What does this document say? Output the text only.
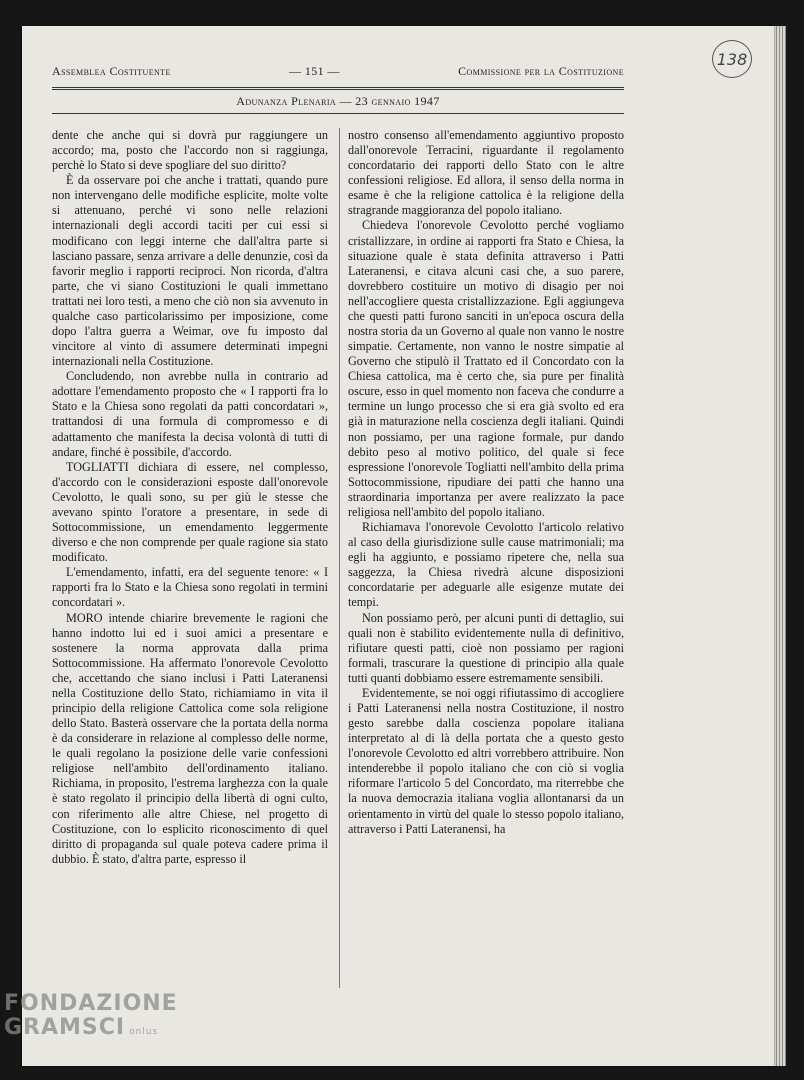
138
Assemblea Costituente	— 151 —	Commissione per la Costituzione
Adunanza Plenaria — 23 gennaio 1947

dente che anche qui si dovrà pur raggiungere un accordo; ma, posto che l'accordo non si raggiunga, perchè lo Stato si deve spogliare del suo diritto?

È da osservare poi che anche i trattati, quando pure non intervengano delle modifiche esplicite, molte volte si attenuano, perché vi sono nelle relazioni internazionali degli accordi taciti per cui essi si modificano con leggi interne che dall'altra parte si lasciano passare, senza arrivare a delle denunzie, così da favorir meglio i rapporti reciproci. Non ricorda, d'altra parte, che vi siano Costituzioni le quali immettano trattati nei loro testi, a meno che ciò non sia avvenuto in qualche caso particolarissimo per imposizione, come dopo l'altra guerra a Weimar, ove fu imposto dal vincitore al vinto di assumere determinati impegni internazionali nella Costituzione.

Concludendo, non avrebbe nulla in contrario ad adottare l'emendamento proposto che « I rapporti fra lo Stato e la Chiesa sono regolati da patti concordatari », trattandosi di una formula di compromesso e di adattamento che manifesta la decisa volontà di tutti di andare, finché è possibile, d'accordo.

TOGLIATTI dichiara di essere, nel complesso, d'accordo con le considerazioni esposte dall'onorevole Cevolotto, le quali sono, su per giù le stesse che avevano spinto l'oratore a presentare, in sede di Sottocommissione, un emendamento leggermente diverso e che non comprende per quale ragione sia stato modificato.

L'emendamento, infatti, era del seguente tenore: « I rapporti fra lo Stato e la Chiesa sono regolati in termini concordatari ».

MORO intende chiarire brevemente le ragioni che hanno indotto lui ed i suoi amici a presentare e sostenere la norma approvata dalla prima Sottocommissione. Ha affermato l'onorevole Cevolotto che, accettando che siano inclusi i Patti Lateranensi nella Costituzione dello Stato, richiamiamo in vita il principio della religione Cattolica come sola religione dello Stato. Basterà osservare che la portata della norma è da considerare in relazione al complesso delle norme, le quali regolano la posizione delle varie confessioni religiose nell'ambito dell'ordinamento italiano. Richiama, in proposito, l'estrema larghezza con la quale è stato regolato il principio della libertà di ogni culto, con riferimento alle altre Chiese, nel progetto di Costituzione, con lo esplicito riconoscimento di quel diritto di propaganda sul quale poteva cadere prima il dubbio. È stato, d'altra parte, espresso il

nostro consenso all'emendamento aggiuntivo proposto dall'onorevole Terracini, riguardante il regolamento concordatario dei rapporti dello Stato con le altre confessioni religiose. Ed allora, il senso della norma in esame è che la religione cattolica è la religione della stragrande maggioranza del popolo italiano.

Chiedeva l'onorevole Cevolotto perché vogliamo cristallizzare, in ordine ai rapporti fra Stato e Chiesa, la situazione quale è stata definita attraverso i Patti Lateranensi, e citava alcuni casi che, a suo parere, dovrebbero costituire un motivo di disagio per noi nell'accogliere questa cristallizzazione. Egli aggiungeva che questi patti furono sanciti in un'epoca oscura della nostra storia da un Governo al quale non vanno le nostre simpatie. Certamente, non vanno le nostre simpatie al Governo che stipulò il Trattato ed il Concordato con la Chiesa cattolica, ma è certo che, sia pure per finalità oscure, esso in quel momento non faceva che condurre a termine un lungo processo che si era già svolto ed era già in maturazione nella coscienza degli italiani. Quindi non possiamo, per una ragione formale, pur dando debito peso al motivo politico, del quale si fece espressione l'onorevole Togliatti nell'ambito della prima Sottocommissione, ripudiare dei patti che hanno una straordinaria importanza per avere realizzato la pace religiosa nell'ambito del popolo italiano.

Richiamava l'onorevole Cevolotto l'articolo relativo al caso della giurisdizione sulle cause matrimoniali; ma egli ha aggiunto, e possiamo ripetere che, nella sua saggezza, la Chiesa rivedrà alcune disposizioni concordatarie per adeguarle alle esigenze mutate dei tempi.

Non possiamo però, per alcuni punti di dettaglio, sui quali non è stabilito evidentemente nulla di definitivo, rifiutare questi patti, cioè non possiamo per ragioni formali, trascurare la questione di principio alla quale tutti quanti dobbiamo essere estremamente sensibili.

Evidentemente, se noi oggi rifiutassimo di accogliere i Patti Lateranensi nella nostra Costituzione, il nostro gesto sarebbe dalla coscienza popolare italiana interpretato al di là della portata che a questo gesto l'onorevole Cevolotto ed altri vorrebbero attribuire. Non intenderebbe il popolo italiano che con ciò si voglia riformare l'articolo 5 del Concordato, ma riterrebbe che la nuova democrazia italiana voglia allontanarsi da un orientamento in virtù del quale lo stesso popolo italiano, attraverso i Patti Lateranensi, ha

FONDAZIONE
GRAMSCI onlus
